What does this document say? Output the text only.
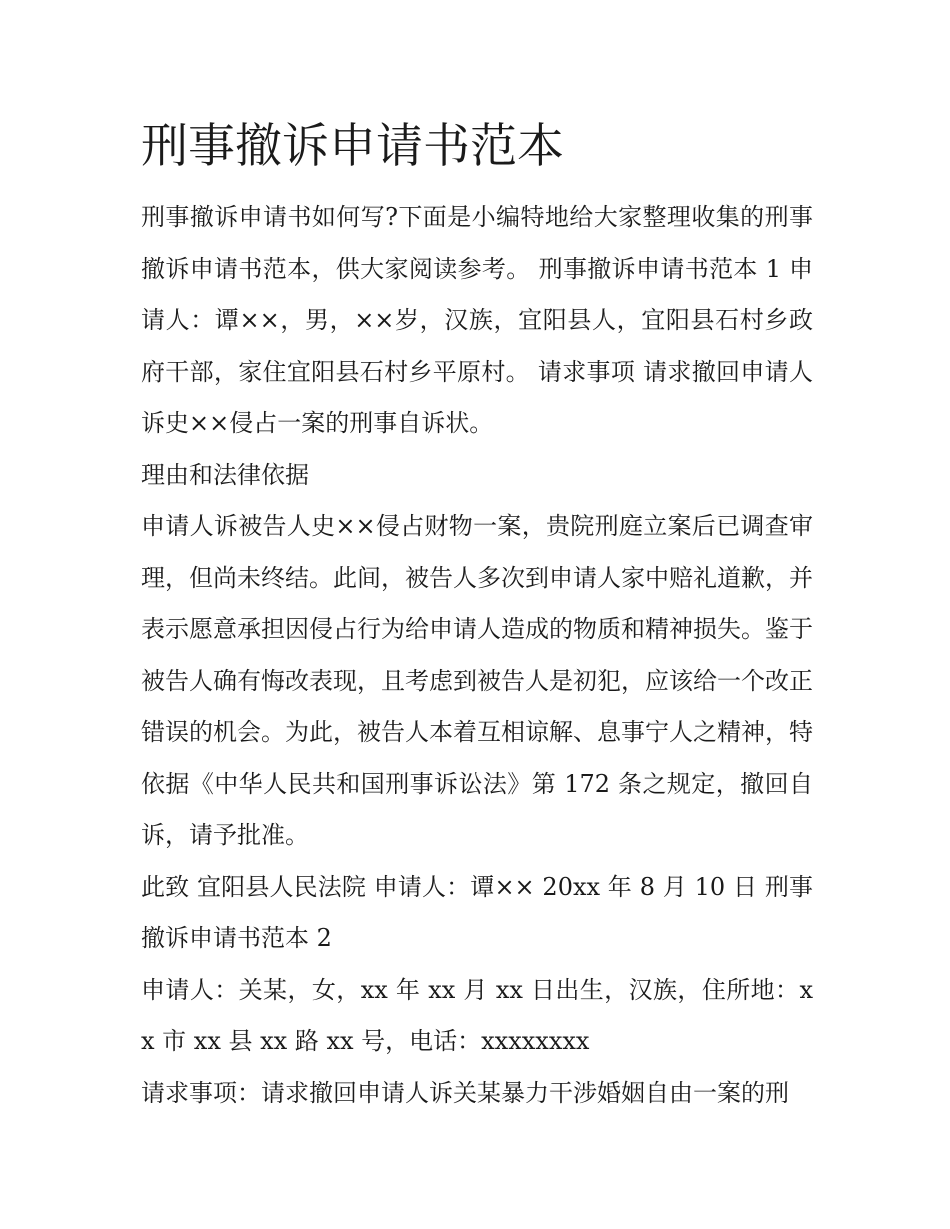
刑事撤诉申请书范本

刑事撤诉申请书如何写?下面是小编特地给大家整理收集的刑事撤诉申请书范本，供大家阅读参考。 刑事撤诉申请书范本 1 申请人：谭××，男，××岁，汉族，宜阳县人，宜阳县石村乡政府干部，家住宜阳县石村乡平原村。 请求事项 请求撤回申请人诉史××侵占一案的刑事自诉状。

理由和法律依据

申请人诉被告人史××侵占财物一案，贵院刑庭立案后已调查审理，但尚未终结。此间，被告人多次到申请人家中赔礼道歉，并表示愿意承担因侵占行为给申请人造成的物质和精神损失。鉴于被告人确有悔改表现，且考虑到被告人是初犯，应该给一个改正错误的机会。为此，被告人本着互相谅解、息事宁人之精神，特依据《中华人民共和国刑事诉讼法》第 172 条之规定，撤回自诉，请予批准。

此致 宜阳县人民法院 申请人：谭×× 20xx 年 8 月 10 日 刑事撤诉申请书范本 2

申请人：关某，女，xx 年 xx 月 xx 日出生，汉族，住所地：xx 市 xx 县 xx 路 xx 号，电话：xxxxxxxx

请求事项：请求撤回申请人诉关某暴力干涉婚姻自由一案的刑
